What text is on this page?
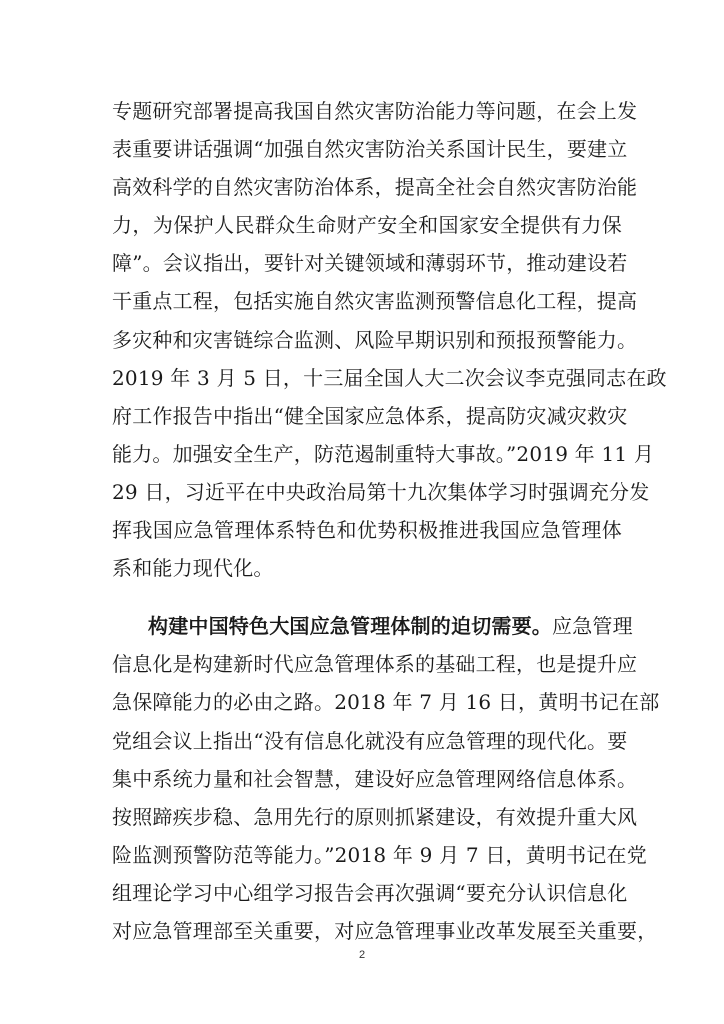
专题研究部署提高我国自然灾害防治能力等问题，在会上发
表重要讲话强调“加强自然灾害防治关系国计民生，要建立
高效科学的自然灾害防治体系，提高全社会自然灾害防治能
力，为保护人民群众生命财产安全和国家安全提供有力保
障”。会议指出，要针对关键领域和薄弱环节，推动建设若
干重点工程，包括实施自然灾害监测预警信息化工程，提高
多灾种和灾害链综合监测、风险早期识别和预报预警能力。
2019 年 3 月 5 日，十三届全国人大二次会议李克强同志在政
府工作报告中指出“健全国家应急体系，提高防灾减灾救灾
能力。加强安全生产，防范遏制重特大事故。”2019 年 11 月
29 日，习近平在中央政治局第十九次集体学习时强调充分发
挥我国应急管理体系特色和优势积极推进我国应急管理体
系和能力现代化。
构建中国特色大国应急管理体制的迫切需要。应急管理
信息化是构建新时代应急管理体系的基础工程，也是提升应
急保障能力的必由之路。2018 年 7 月 16 日，黄明书记在部
党组会议上指出“没有信息化就没有应急管理的现代化。要
集中系统力量和社会智慧，建设好应急管理网络信息体系。
按照蹄疾步稳、急用先行的原则抓紧建设，有效提升重大风
险监测预警防范等能力。”2018 年 9 月 7 日，黄明书记在党
组理论学习中心组学习报告会再次强调“要充分认识信息化
对应急管理部至关重要，对应急管理事业改革发展至关重要，
2
